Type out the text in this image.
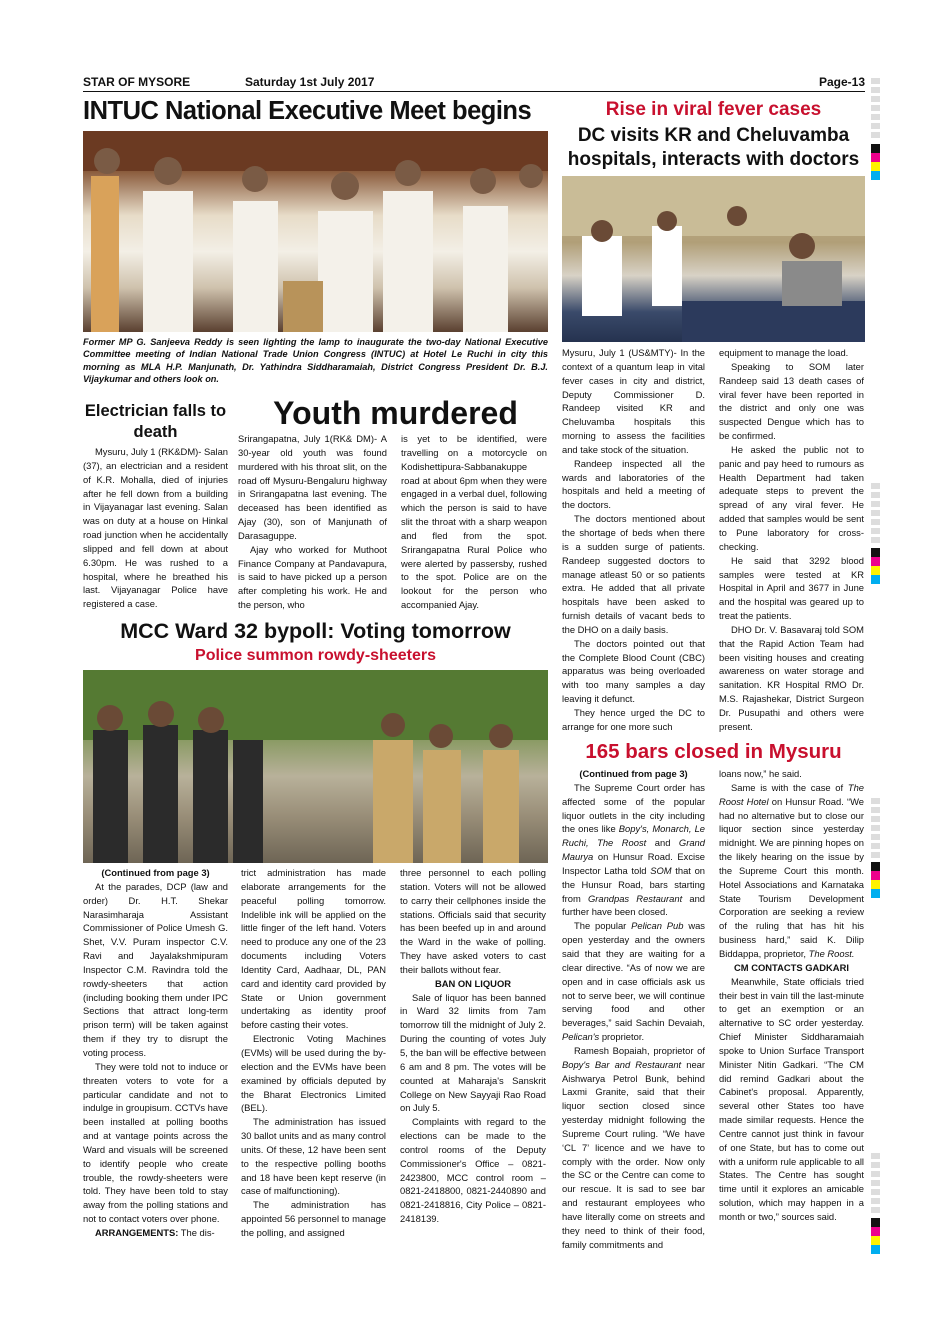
STAR OF MYSORE	Saturday 1st July 2017	Page-13
INTUC National Executive Meet begins
Former MP G. Sanjeeva Reddy is seen lighting the lamp to inaugurate the two-day National Executive Committee meeting of Indian National Trade Union Congress (INTUC) at Hotel Le Ruchi in city this morning as MLA H.P. Manjunath, Dr. Yathindra Siddharamaiah, District Congress President Dr. B.J. Vijaykumar and others look on.
Rise in viral fever cases
DC visits KR and Cheluvamba hospitals, interacts with doctors

Mysuru, July 1 (US&MTY)- In the context of a quantum leap in vital fever cases in city and district, Deputy Commissioner D. Randeep visited KR and Cheluvamba hospitals this morning to assess the facilities and take stock of the situation.

Randeep inspected all the wards and laboratories of the hospitals and held a meeting of the doctors.

The doctors mentioned about the shortage of beds when there is a sudden surge of patients. Randeep suggested doctors to manage atleast 50 or so patients extra. He added that all private hospitals have been asked to furnish details of vacant beds to the DHO on a daily basis.

The doctors pointed out that the Complete Blood Count (CBC) apparatus was being overloaded with too many samples a day leaving it defunct.

They hence urged the DC to arrange for one more such

equipment to manage the load.

Speaking to SOM later Randeep said 13 death cases of viral fever have been reported in the district and only one was suspected Dengue which has to be confirmed.

He asked the public not to panic and pay heed to rumours as Health Department had taken adequate steps to prevent the spread of any viral fever. He added that samples would be sent to Pune laboratory for cross-checking.

He said that 3292 blood samples were tested at KR Hospital in April and 3677 in June and the hospital was geared up to treat the patients.

DHO Dr. V. Basavaraj told SOM that the Rapid Action Team had been visiting houses and creating awareness on water storage and sanitation. KR Hospital RMO Dr. M.S. Rajashekar, District Surgeon Dr. Pusupathi and others were present.

Electrician falls to death

Mysuru, July 1 (RK&DM)- Salan (37), an electrician and a resident of K.R. Mohalla, died of injuries after he fell down from a building in Vijayanagar last evening. Salan was on duty at a house on Hinkal road junction when he accidentally slipped and fell down at about 6.30pm. He was rushed to a hospital, where he breathed his last. Vijayanagar Police have registered a case.

Youth murdered

Srirangapatna, July 1(RK& DM)- A 30-year old youth was found murdered with his throat slit, on the road off Mysuru-Bengaluru highway in Srirangapatna last evening. The deceased has been identified as Ajay (30), son of Manjunath of Darasaguppe.

Ajay who worked for Muthoot Finance Company at Pandavapura, is said to have picked up a person after completing his work. He and the person, who

is yet to be identified, were travelling on a motorcycle on Kodishettipura-Sabbanakuppe road at about 6pm when they were engaged in a verbal duel, following which the person is said to have slit the throat with a sharp weapon and fled from the spot. Srirangapatna Rural Police who were alerted by passersby, rushed to the spot. Police are on the lookout for the person who accompanied Ajay.

MCC Ward 32 bypoll: Voting tomorrow
Police summon rowdy-sheeters
(Continued from page 3)

At the parades, DCP (law and order) Dr. H.T. Shekar Narasimharaja Assistant Commissioner of Police Umesh G. Shet, V.V. Puram inspector C.V. Ravi and Jayalakshmipuram Inspector C.M. Ravindra told the rowdy-sheeters that action (including booking them under IPC Sections that attract long-term prison term) will be taken against them if they try to disrupt the voting process.

They were told not to induce or threaten voters to vote for a particular candidate and not to indulge in groupisum. CCTVs have been installed at polling booths and at vantage points across the Ward and visuals will be screened to identify people who create trouble, the rowdy-sheeters were told. They have been told to stay away from the polling stations and not to contact voters over phone.

ARRANGEMENTS: The dis-

trict administration has made elaborate arrangements for the peaceful polling tomorrow. Indelible ink will be applied on the little finger of the left hand. Voters need to produce any one of the 23 documents including Voters Identity Card, Aadhaar, DL, PAN card and identity card provided by State or Union government undertaking as identity proof before casting their votes.

Electronic Voting Machines (EVMs) will be used during the by-election and the EVMs have been examined by officials deputed by the Bharat Electronics Limited (BEL).

The administration has issued 30 ballot units and as many control units. Of these, 12 have been sent to the respective polling booths and 18 have been kept reserve (in case of malfunctioning).

The administration has appointed 56 personnel to manage the polling, and assigned

three personnel to each polling station. Voters will not be allowed to carry their cellphones inside the stations. Officials said that security has been beefed up in and around the Ward in the wake of polling. They have asked voters to cast their ballots without fear.

BAN ON LIQUOR

Sale of liquor has been banned in Ward 32 limits from 7am tomorrow till the midnight of July 2. During the counting of votes July 5, the ban will be effective between 6 am and 8 pm. The votes will be counted at Maharaja's Sanskrit College on New Sayyaji Rao Road on July 5.

Complaints with regard to the elections can be made to the control rooms of the Deputy Commissioner's Office – 0821-2423800, MCC control room – 0821-2418800, 0821-2440890 and 0821-2418816, City Police – 0821-2418139.

165 bars closed in Mysuru
(Continued from page 3)

The Supreme Court order has affected some of the popular liquor outlets in the city including the ones like Bopy's, Monarch, Le Ruchi, The Roost and Grand Maurya on Hunsur Road. Excise Inspector Latha told SOM that on the Hunsur Road, bars starting from Grandpas Restaurant and further have been closed.

The popular Pelican Pub was open yesterday and the owners said that they are waiting for a clear directive. “As of now we are open and in case officials ask us not to serve beer, we will continue serving food and other beverages,” said Sachin Devaiah, Pelican's proprietor.

Ramesh Bopaiah, proprietor of Bopy's Bar and Restaurant near Aishwarya Petrol Bunk, behind Laxmi Granite, said that their liquor section closed since yesterday midnight following the Supreme Court ruling. “We have ‘CL 7’ licence and we have to comply with the order. Now only the SC or the Centre can come to our rescue. It is sad to see bar and restaurant employees who have literally come on streets and they need to think of their food, family commitments and

loans now,” he said.

Same is with the case of The Roost Hotel on Hunsur Road. “We had no alternative but to close our liquor section since yesterday midnight. We are pinning hopes on the likely hearing on the issue by the Supreme Court this month. Hotel Associations and Karnataka State Tourism Development Corporation are seeking a review of the ruling that has hit his business hard,” said K. Dilip Biddappa, proprietor, The Roost.

CM CONTACTS GADKARI

Meanwhile, State officials tried their best in vain till the last-minute to get an exemption or an alternative to SC order yesterday. Chief Minister Siddharamaiah spoke to Union Surface Transport Minister Nitin Gadkari. “The CM did remind Gadkari about the Cabinet's proposal. Apparently, several other States too have made similar requests. Hence the Centre cannot just think in favour of one State, but has to come out with a uniform rule applicable to all States. The Centre has sought time until it explores an amicable solution, which may happen in a month or two,” sources said.
